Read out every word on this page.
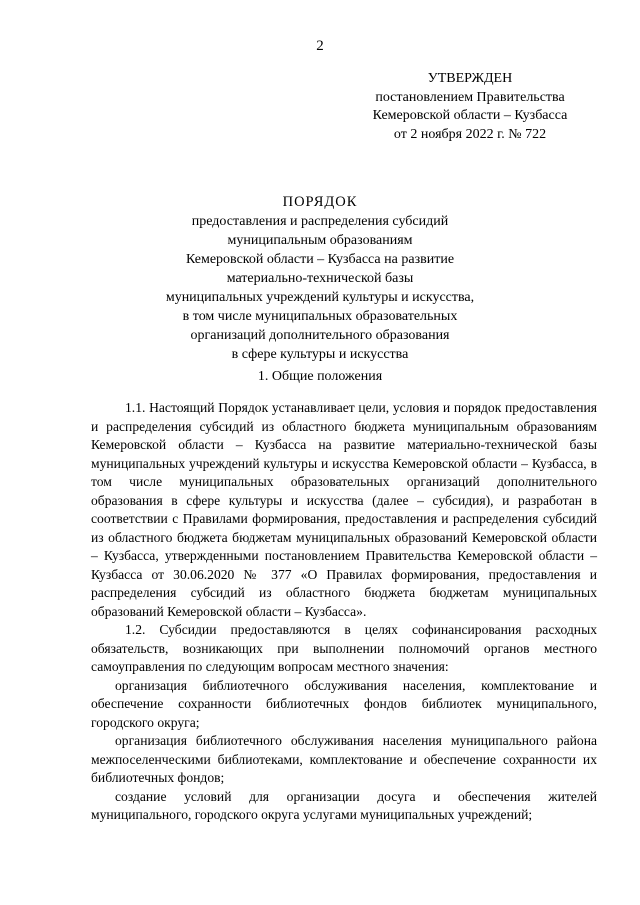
2
УТВЕРЖДЕН
постановлением Правительства
Кемеровской области – Кузбасса
от 2 ноября 2022 г. № 722
ПОРЯДОК
предоставления и распределения субсидий
муниципальным образованиям
Кемеровской области – Кузбасса на развитие
материально-технической базы
муниципальных учреждений культуры и искусства,
в том числе муниципальных образовательных
организаций дополнительного образования
в сфере культуры и искусства
1. Общие положения

1.1. Настоящий Порядок устанавливает цели, условия и порядок предоставления и распределения субсидий из областного бюджета муниципальным образованиям Кемеровской области – Кузбасса на развитие материально-технической базы муниципальных учреждений культуры и искусства Кемеровской области – Кузбасса, в том числе муниципальных образовательных организаций дополнительного образования в сфере культуры и искусства (далее – субсидия), и разработан в соответствии с Правилами формирования, предоставления и распределения субсидий из областного бюджета бюджетам муниципальных образований Кемеровской области – Кузбасса, утвержденными постановлением Правительства Кемеровской области – Кузбасса от 30.06.2020 № 377 «О Правилах формирования, предоставления и распределения субсидий из областного бюджета бюджетам муниципальных образований Кемеровской области – Кузбасса».

1.2. Субсидии предоставляются в целях софинансирования расходных обязательств, возникающих при выполнении полномочий органов местного самоуправления по следующим вопросам местного значения:

организация библиотечного обслуживания населения, комплектование и обеспечение сохранности библиотечных фондов библиотек муниципального, городского округа;

организация библиотечного обслуживания населения муниципального района межпоселенческими библиотеками, комплектование и обеспечение сохранности их библиотечных фондов;

создание условий для организации досуга и обеспечения жителей муниципального, городского округа услугами муниципальных учреждений;
